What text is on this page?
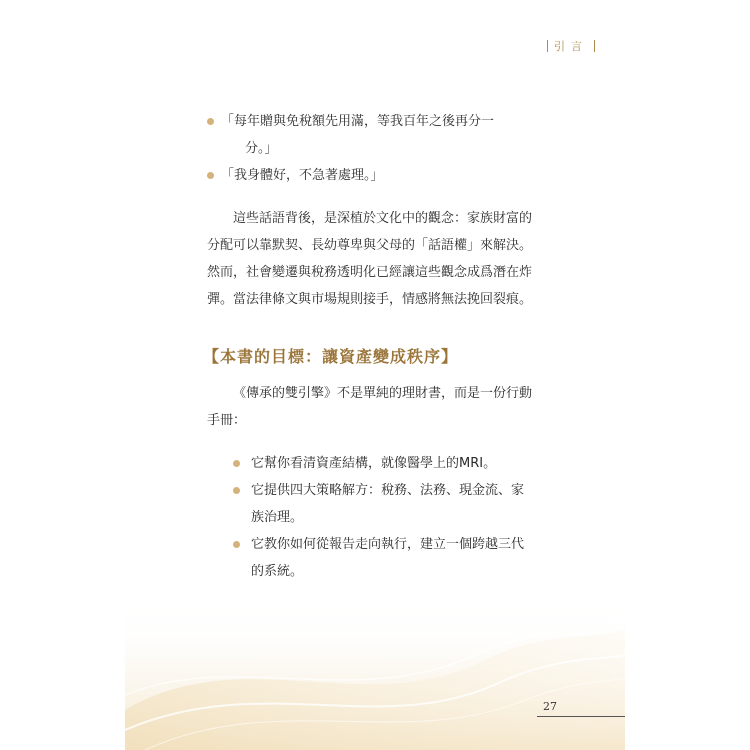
引言
「每年贈與免稅額先用滿，等我百年之後再分一
分。」
「我身體好，不急著處理。」
這些話語背後，是深植於文化中的觀念：家族財富的
分配可以靠默契、長幼尊卑與父母的「話語權」來解決。
然而，社會變遷與稅務透明化已經讓這些觀念成爲潛在炸
彈。當法律條文與市場規則接手，情感將無法挽回裂痕。
【本書的目標：讓資產變成秩序】
《傳承的雙引擎》不是單純的理財書，而是一份行動
手冊：
它幫你看清資產結構，就像醫學上的MRI。
它提供四大策略解方：稅務、法務、現金流、家
族治理。
它教你如何從報告走向執行，建立一個跨越三代
的系統。
27
